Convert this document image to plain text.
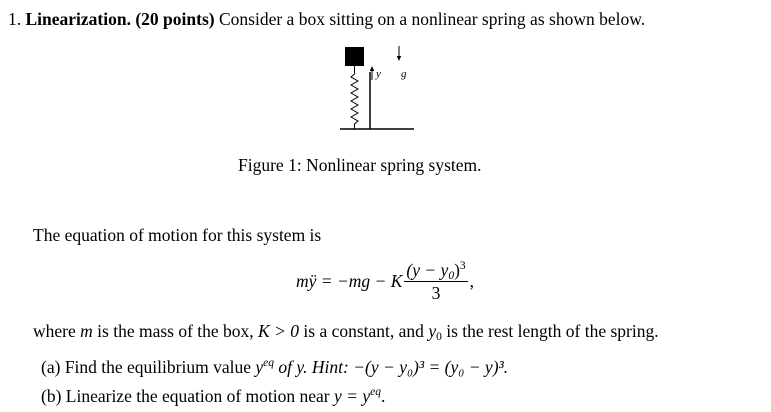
1. Linearization. (20 points) Consider a box sitting on a nonlinear spring as shown below.
y g
Figure 1: Nonlinear spring system.
The equation of motion for this system is
mÿ = −mg − K $\frac{(y - y_0)^3}{3}$ ,
where m is the mass of the box, K > 0 is a constant, and $y_0$ is the rest length of the spring.
(a) Find the equilibrium value $y^{eq}$ of y. Hint: −(y − y₀)³ = (y₀ − y)³.
(b) Linearize the equation of motion near $y = y^{eq}$.
